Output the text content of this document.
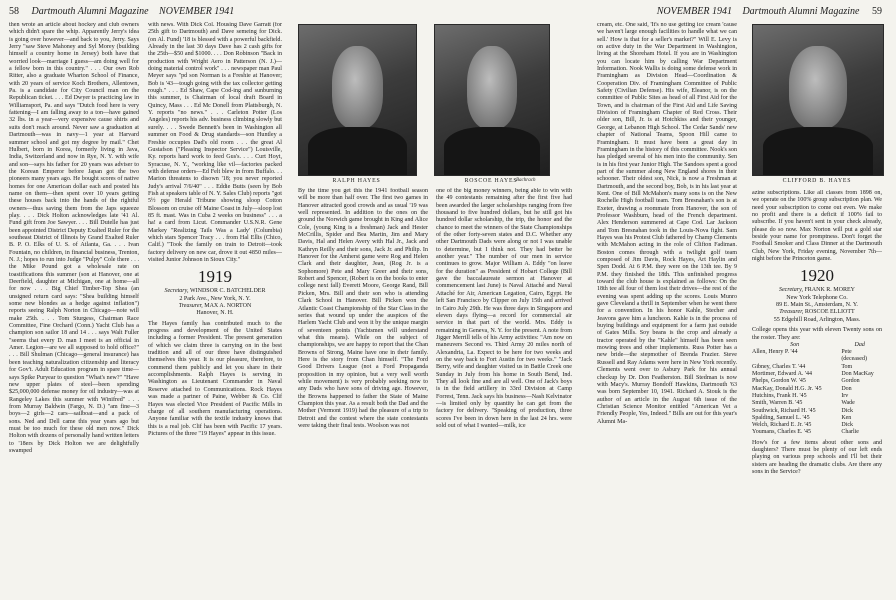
58 Dartmouth Alumni Magazine NOVEMBER 1941	NOVEMBER 1941 Dartmouth Alumni Magazine 59

then wrote an article about hockey and club owners which didn't spare the whip. Apparently Jerry's idea is going over however—and back to you, Jerry. Says Jerry "saw Steve Mahoney and Syl Morey (building himself a country home in Jersey) both have that worried look—marriage I guess—am doing well for a fellow born in this country." . . . Our own Rob Ritter, also a graduate Wharton School of Finance, with 20 years of service Koch Brothers, Allentown, Pa. is a candidate for City Council man on the Republican ticket. . . . Ed Dwyer is practicing law in Williamsport, Pa. and says "Dutch food here is very fattening—I am falling away to a ton—have gained 32 lbs. in a year—very expensive cause shirts and suits don't reach around. Never saw a graduation at Dartmouth—was in navy—1 year at Harvard summer school and got my degree by mail." Chet Hulbert, born in Korea, formerly living in Java, India, Switzerland and now in Rye, N. Y. with wife and son—says his father for 20 years was adviser to the Korean Emperor before Japan got the two pioneers many years ago. He bought scores of native homes for one American dollar each and posted his name on them—then spent over 10 years getting these houses back into the hands of the rightful owners—thus saving them from the Japs squeeze play. . . . Dick Holton acknowledges late '41 Al. Fund gift from Joe Sawyer. . . . Bill Dutelle has just been appointed District Deputy Exalted Ruler for the southeast District of Illinois by Grand Exalted Ruler B. P. O. Elks of U. S. of Atlanta, Ga. . . . Ivan Fountain, no children, in financial business, Trenton, N. J.; hopes to run into Judge "Pulpy" Cole there . . . the Mike Pound got a wholesale rate on toastifications this summer (son at Hanover, one at Deerfield, daughter at Michigan, one at home—all for now . . . Big Chief Timber-Top Shea (an unsigned return card says: "Shea building himself some new blondes as a hedge against inflation") reports seeing Ralph Norton in Chicago—note will make 25th. . . . Tom Sturgess, Chairman Race Committee, Fine Orchard (Conn.) Yacht Club has a champion son sailor 18 and 14 . . . says Walt Fuller "seems that every D. man I meet is an official in Amer. Legion—are we all supposed to hold office?" . . . Bill Shulman (Chicago—general insurance) has been teaching naturalization citizenship and literacy for Gov't. Adult Education program in spare time—says Spike Puryear to question "What's new?" "Have new upper plates of steel—been spending $25,000,000 defense money for oil industry—was at Rangeley Lakes this summer with Winifred" . . . from Murray Baldwin (Fargo, N. D.) "am fine—3 boys—2 girls—2 cars—sailboat—and a pack of sons. Ned and Dell came this year years ago but must be too much for these old men now." Dick Holton with dozens of personally hand written letters to '18ers by Dick Holton we are delightfully swamped

with news. With Dick Col. Housing Dave Garratt (for 25th gift to Dartmouth) and Dave semeing for Dick. (on Al. Fund) '18 is blessed with a powerful backfield. Already in the last 30 days Dave has 2 cash gifts for the 25th—$50 and $1000. . . . Don Robinson "Back in production with Wright Aero in Patterson (N. J.)—doing material control work" . . . newspaper man Paul Meyer says "pd son Norman is a Freshie at Hanover; Bob is '43—tough going with the tax collector getting rough." . . . Ed Shaw, Cape Cod-ing and sunburning this summer, is Chairman of local draft Board in Quincy, Mass . . . Ed Mc Donell from Plattsburgh, N. Y. reports "no news." . . . Carleton Potter (Los Angeles) reports his adv. business climbing slowly but surely. . . . Swede Bennett's been in Washington all summer on Food & Drug standards—son Huntley a Freshie occupies Dad's old room . . . the great Al Gustafson ("Pleasing Inspector Service") Louisville, Ky. reports hard work to feed Gus's. . . . Curt Hoyt, Syracuse, N. Y., "working like vil—factories packed with defense orders—Ed Felt blew in from Buffalo. . . Marion threatens to disown '18; you never reported Judy's arrival 7/6/40" . . . Eddie Butts (seen by Bob Fish at speakers table of N. Y. Sales Club) reports "got 5½ pge Herald Tribune showing sloop Cotton Blossom on cruise off Maine Coast in July—sloop lost 85 ft. mast. Was in Cuba 2 weeks on business" . . . a ha! a card from Licut. Commander U.S.N.R. Gene Markey "Realizing Tails Was a Lady' (Columbia) which stars Spencer Tracy . . . from Hal Ellis (Chico, Calif.) "Took the family on train to Detroit—took factory delivery on new car, drove it out 4850 miles—visited Junior Johnson in Sioux City."

1919
Secretary, WINDSOR C. BATCHELDER
2 Park Ave., New York, N. Y.
Treasurer, MAX A. NORTON
Hanover, N. H.

The Hayes family has contributed much to the progress and development of the United States including a former President. The present generation of which we claim three is carrying on in the best tradition and all of our three have distinguished themselves this year. It is our pleasure, therefore, to commend them publicly and let you share in their accomplishments. Ralph Hayes is serving in Washington as Lieutenant Commander in Naval Reserve attached to Communications. Rock Hayes was made a partner of Paine, Webber & Co. Clif Hayes was elected Vice President of Pacific Mills in charge of all southern manufacturing operations. Anyone familiar with the textile industry knows that this is a real job. Clif has been with Pacific 17 years. Pictures of the three "19 Hayes" appear in this issue.

RALPH HAYES	Bachrach
ROSCOE HAYES	CLIFFORD B. HAYES

By the time you get this the 1941 football season will be more than half over. The first two games in Hanover attracted good crowds and as usual '19 was well represented. In addition to the ones on the ground the Norwich game brought in King and Alice Cole, (young King is a freshman) Jack and Hester McCrillis, Spider and Bea Martin, Jim and Mary Davis, Hal and Helen Avery with Hal Jr., Jack and Kathryn Reilly and their sons, Jack Jr. and Philip. In Hanover for the Amherst game were Rog and Helen Clark and their daughter, Jean, (Rog Jr. is a Sophomore) Pete and Mary Greer and their sons, Robert and Spencer, (Robert is on the books to enter college next fall) Everett Moore, George Rand, Bill Picken, Mrs. Bill and their son who is attending Clark School in Hanover. Bill Picken won the Atlantic Coast Championship of the Star Class in the series that wound up under the auspices of the Harlem Yacht Club and won it by the unique margin of seventeen points (Yachtsmen will understand what this means). While on the subject of championships, we are happy to report that the Chan Browns of Strong, Maine have one in their family. Here is the story from Chan himself. "The Ford Good Drivers League (not a Ford Propaganda proposition in my opinion, but a very well worth while movement) is very probably seeking now to any Dads who have sons of driving age. However, the Browns happened to father the State of Maine Champion this year. As a result both the Dad and the Mother (Vermont 1919) had the pleasure of a trip to Detroit and the contest where the state contestants were taking their final tests. Woolson was not

one of the big money winners, being able to win with the 49 contestants remaining after the first five had been awarded the larger scholarships ranging from five thousand to five hundred dollars, but he still got his hundred dollar scholarship, the trip, the honor and the chance to meet the winners of the State Championships of the other forty-seven states and D.C. Whether any other Dartmouth Dads were along or not I was unable to determine, but I think not. They had better be another year." The number of our men in service continues to grow. Major William A. Eddy "on leave for the duration" as President of Hobart College (Bill gave the baccalaureate sermon at Hanover at commencement last June) is Naval Attaché and Naval Attaché for Air, American Legation, Cairo, Egypt. He left San Francisco by Clipper on July 15th and arrived in Cairo July 29th. He was three days in Singapore and eleven days flying—a record for commercial air service in that part of the world. Mrs. Eddy is remaining in Geneva, N. Y. for the present. A note from Jigger Merrill tells of his Army activities: "Am now on maneuvers Second vs. Third Army 20 miles north of Alexandria, La. Expect to be here for two weeks and on the way back to Fort Austin for two weeks." "Jack Berry, wife and daughter visited us in Battle Creek one Sunday in July from his home in South Bend, Ind. They all look fine and are all well. One of Jack's boys is in the field artillery in 33rd Division at Camp Forrest, Tenn. Jack says his business—Nash Kelvinator—is limited only by quantity he can get from the factory for delivery. "Speaking of production, three scores I've been in down here in the last 24 hrs. were sold out of what I wanted—milk, ice

cream, etc. One said, 'It's no use getting ice cream 'cause we haven't large enough facilities to handle what we can sell.' How is that for a seller's market?" Will E. Levy is on active duty in the War Department in Washington, living at the Shoreham Hotel. If you are in Washington you can locate him by calling War Department Information. Nook Wallis is doing some defense work in Framingham as Division Head—Coordination & Cooperation Div. of Framingham Committee of Public Safety (Civilian Defense). His wife, Eleanor, is on the committee of Public Sites as head of all First Aid for the Town, and is chairman of the First Aid and Life Saving Division of Framingham Chapter of Red Cross. Their older son, Bill, Jr. is at Hotchkiss and their younger, George, at Lebanon High School. The Cedar Sands' new chapter of National Teams, Spoon Hill came to Framingham. It must have been a great day in Framingham in the history of this committee. Nook's son has pledged several of his men into the community. Sen is in his first year Junior High. The Sandoes spent a good part of the summer along New England shores in their schooner. Their oldest son, Nick, is now a Freshman at Dartmouth, and the second boy, Bob, is in his last year at Kent. One of Bill McMahon's many sons is on the New Rochelle High football team. Tom Bresnahan's son is at Exeter, drawing a roommate from Hanover, the son of Professor Washburn, head of the French department. Alex Henderson summered at Cape Cod. Lar Jackson and Tom Bresnahan took in the Louis-Nova fight. Sam Hayes was his Protest Club fathered by Champ Clements with McMahon acting in the role of Clifton Fadiman. Boston comes through with a twilight golf team composed of Jim Davis, Rock Hayes, Art Haylin and Spen Dodd. At 6 P.M. they were on the 13th tee. By 9 P.M. they finished the 18th. This unfinished progress toward the club house is explained as follows: On the 18th tee all four of them lost their drives—the rest of the evening was spent adding up the scores. Louis Munro gave Cleveland a thrill in September when he went there for a convention. In his honor Kahle, Stecher and Jeavons gave him a luncheon. Kahle is in the process of buying buildings and equipment for a farm just outside of Gates Mills. Soy beans is the crop and already a tractor operated by the "Kahle" himself has been seen mowing trees and other implements. Russ Potter has a new bride—the stepmother of Brenda Frazier. Steve Russell and Ray Adams were here in New York recently. Clements went over to Asbury Park for his annual checkup by Dr. Don Featherston. Bill Stedman is now with Macy's. Murray Bondoff Hawkins, Dartmouth '63 was born September 10, 1941. Richard A. Stouk is the author of an article in the August 6th issue of the Christian Science Monitor entitled "American Vet a Friendly People, Yes, Indeed." Bills are out for this year's Alumni Ma-

azine subscriptions. Like all classes from 1898 on, we operate on the 100% group subscription plan. We need your subscription to come out even. We make no profit and there is a deficit if 100% fail to subscribe. If you haven't sent in your check already, please do so now. Max Norton will put a gold star beside your name for promptness. Don't forget the Football Smoker and Class Dinner at the Dartmouth Club, New York, Friday evening, November 7th—night before the Princeton game.

1920
Secretary, FRANK R. MOREY
New York Telephone Co.
89 E. Main St., Amsterdam, N. Y.
Treasurer, ROSCOE ELLIOTT
55 Edgehill Road, Arlington, Mass.

College opens this year with eleven Twenty sons on the roster. They are:

Son	Dad
Allen, Henry P. '44	Pete
	(deceased)
Gibney, Charles T. '44	Tom
Mortimer, Edward A. '44	Don MacKay
Phelps, Gordon W. '45	Gordon
MacKay, Donald H.G. Jr. '45	Don
Hutchins, Frank H. '45	Irv
Smith, Warren B. '45	Wade
Southwick, Richard H. '45	Dick
Spalding, Samuel L. '45	Ken
Welch, Richard E. Jr. '45	Dick
Youmans, Charles E. '45	Charlie

How's for a few items about other sons and daughters? There must be plenty of our left ends playing on various prep schools and I'll bet their sisters are heading the dramatic clubs. Are there any sons in the Service?
